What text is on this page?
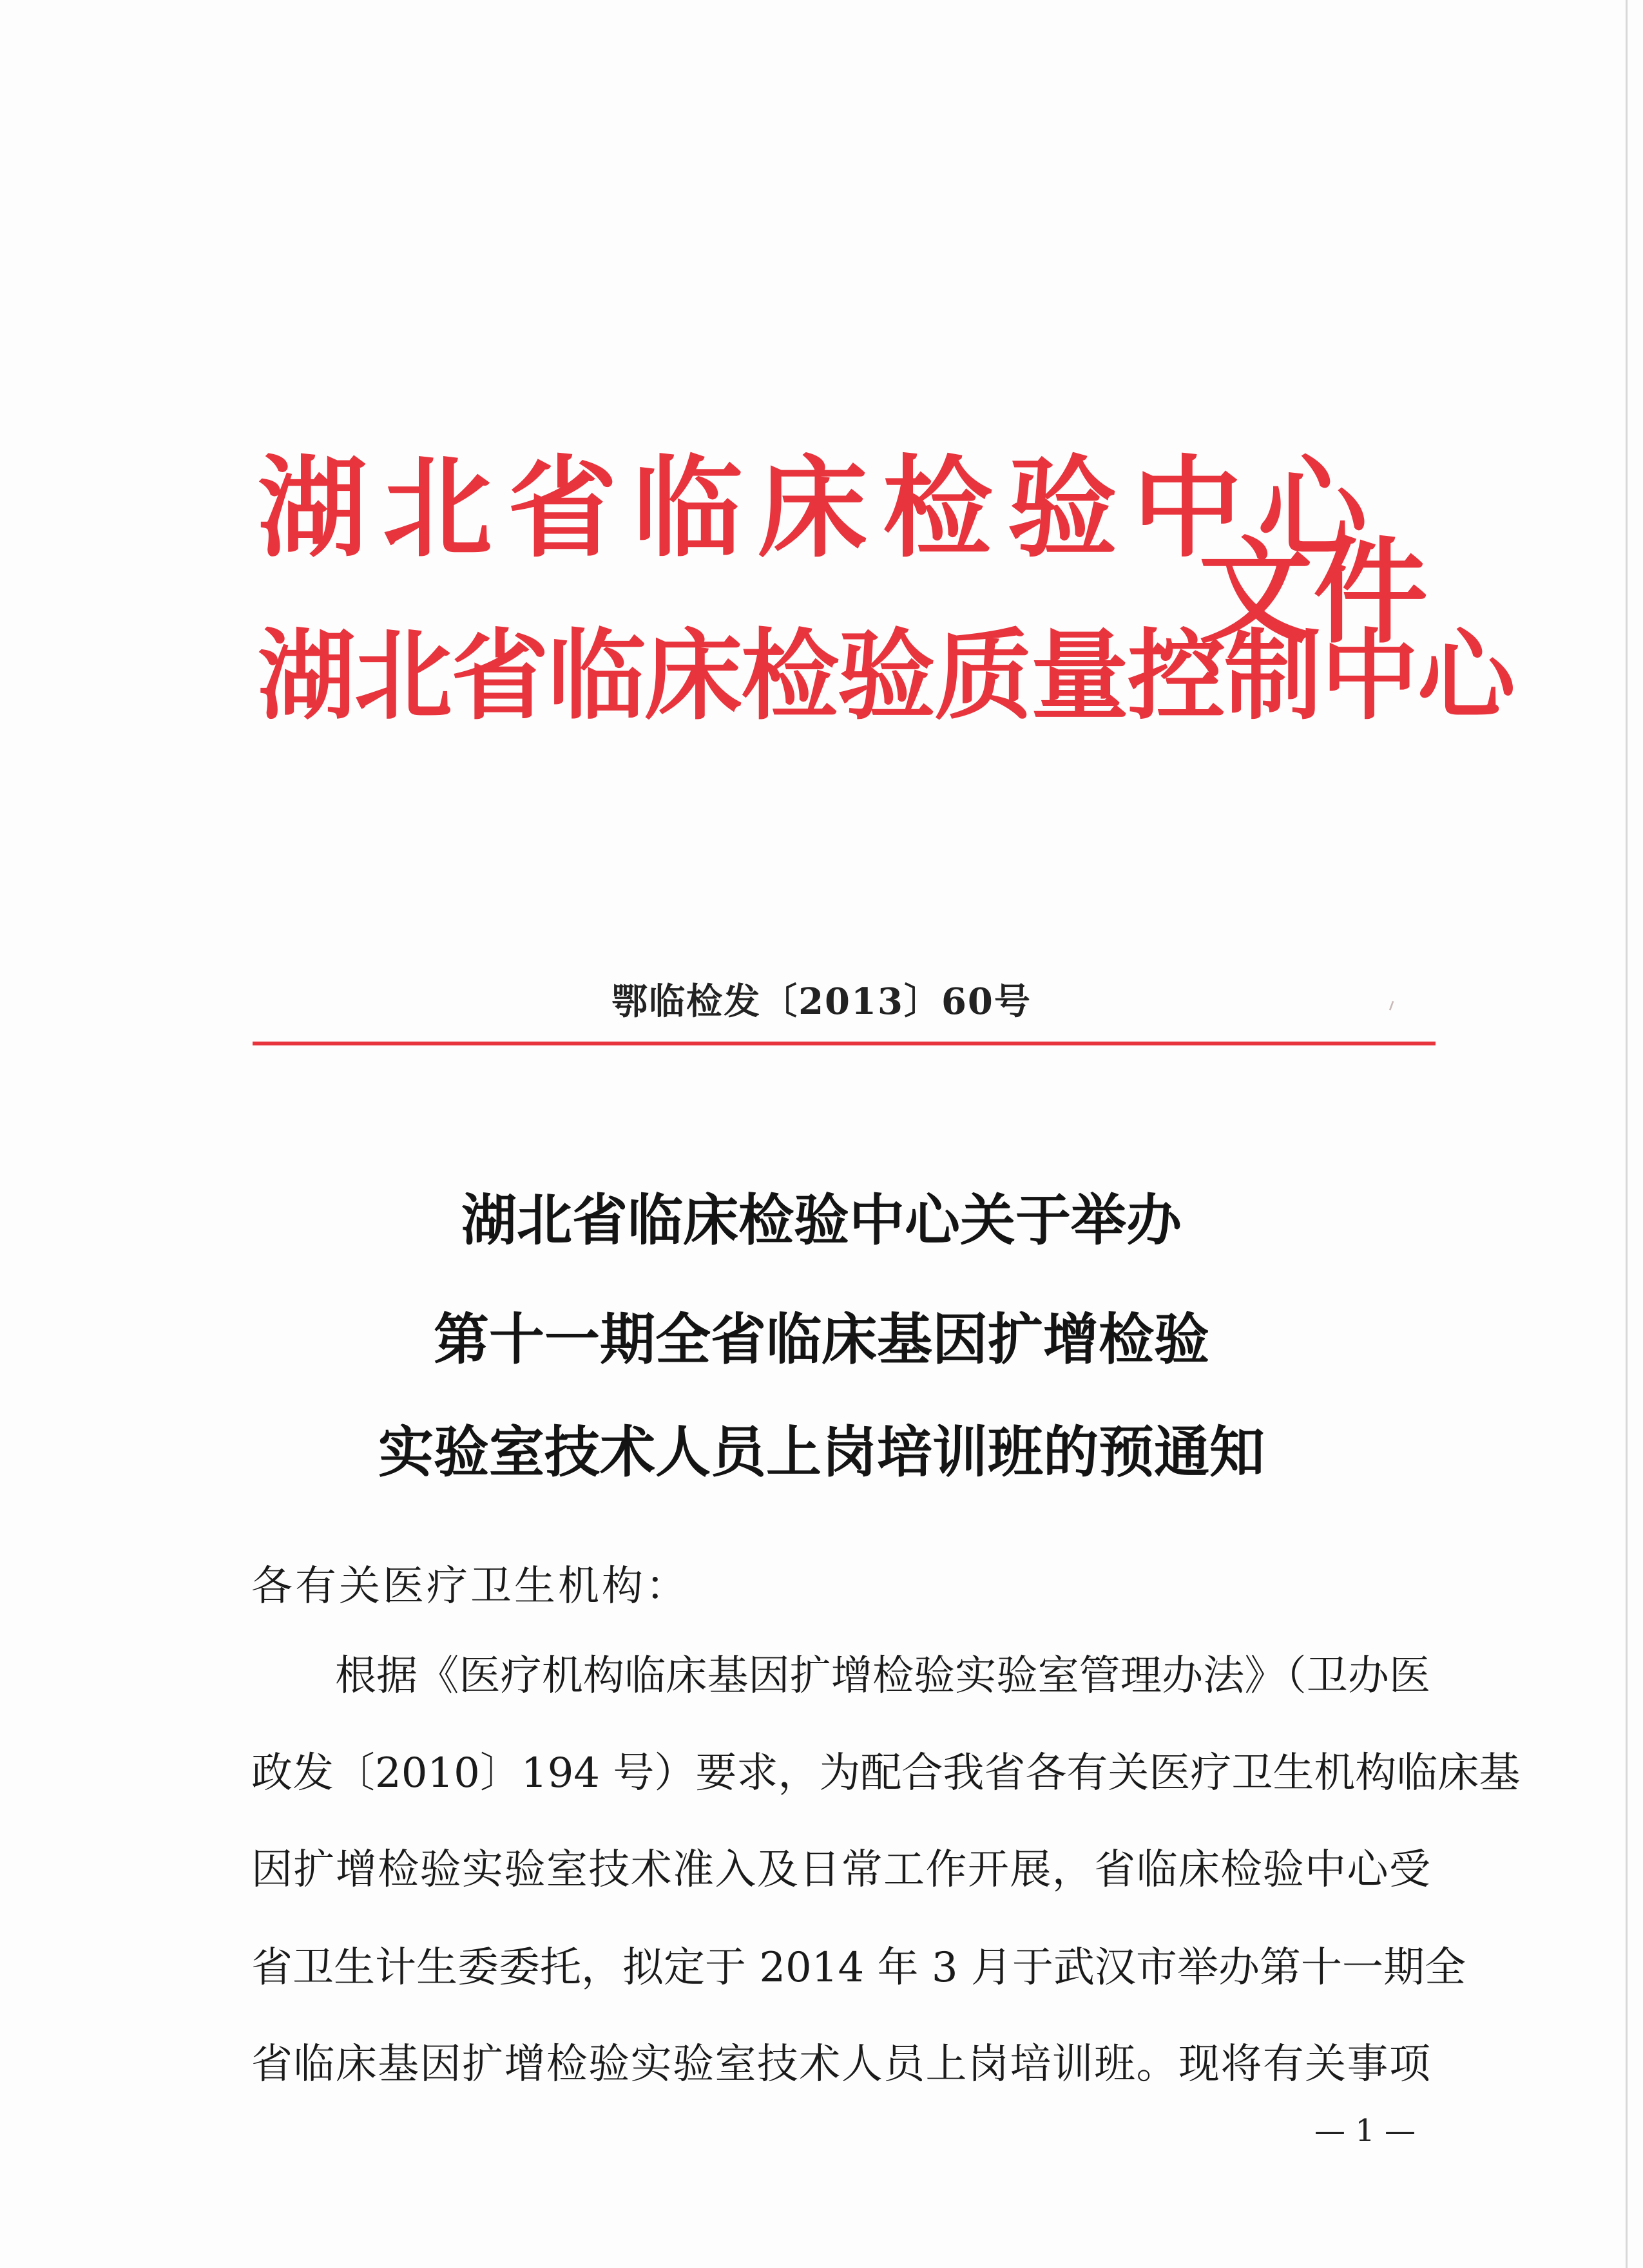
湖北省临床检验中心
湖北省临床检验质量控制中心
文件
鄂临检发〔2013〕60号	ᐟ
湖北省临床检验中心关于举办
第十一期全省临床基因扩增检验
实验室技术人员上岗培训班的预通知
各有关医疗卫生机构：
根据《医疗机构临床基因扩增检验实验室管理办法》（卫办医
政发〔2010〕194 号）要求，为配合我省各有关医疗卫生机构临床基
因扩增检验实验室技术准入及日常工作开展，省临床检验中心受
省卫生计生委委托，拟定于 2014 年 3 月于武汉市举办第十一期全
省临床基因扩增检验实验室技术人员上岗培训班。现将有关事项
— 1 —
